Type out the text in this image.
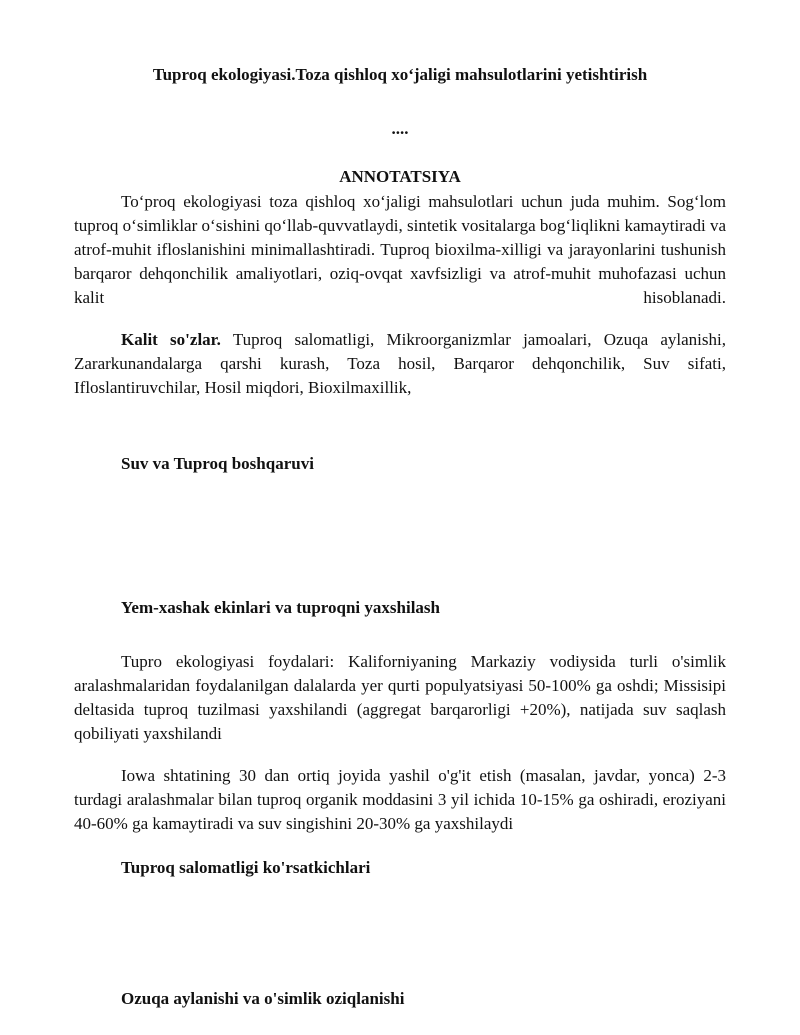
Tuproq ekologiyasi.Toza qishloq xo‘jaligi mahsulotlarini yetishtirish
....
ANNOTATSIYA

To‘proq ekologiyasi toza qishloq xo‘jaligi mahsulotlari uchun juda muhim. Sog‘lom tuproq o‘simliklar o‘sishini qo‘llab-quvvatlaydi, sintetik vositalarga bog‘liqlikni kamaytiradi va atrof-muhit ifloslanishini minimallashtiradi. Tuproq bioxilma-xilligi va jarayonlarini tushunish barqaror dehqonchilik amaliyotlari, oziq-ovqat xavfsizligi va atrof-muhit muhofazasi uchun kalit hisoblanadi.

Kalit so'zlar. Tuproq salomatligi, Mikroorganizmlar jamoalari, Ozuqa aylanishi, Zararkunandalarga qarshi kurash, Toza hosil, Barqaror dehqonchilik, Suv sifati, Ifloslantiruvchilar, Hosil miqdori, Bioxilmaxillik,

Suv va Tuproq boshqaruvi
Yem-xashak ekinlari va tuproqni yaxshilash

Tupro ekologiyasi foydalari: Kaliforniyaning Markaziy vodiysida turli o'simlik aralashmalaridan foydalanilgan dalalarda yer qurti populyatsiyasi 50-100% ga oshdi; Missisipi deltasida tuproq tuzilmasi yaxshilandi (aggregat barqarorligi +20%), natijada suv saqlash qobiliyati yaxshilandi

Iowa shtatining 30 dan ortiq joyida yashil o'g'it etish (masalan, javdar, yonca) 2-3 turdagi aralashmalar bilan tuproq organik moddasini 3 yil ichida 10-15% ga oshiradi, eroziyani 40-60% ga kamaytiradi va suv singishini 20-30% ga yaxshilaydi

Tuproq salomatligi ko'rsatkichlari
Ozuqa aylanishi va o'simlik oziqlanishi
